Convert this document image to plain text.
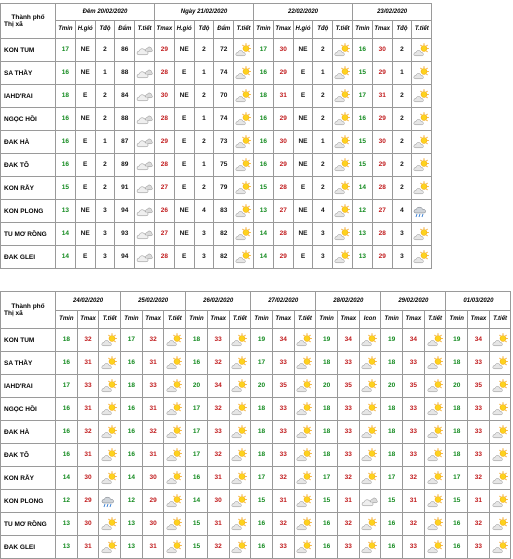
Thành phố
Thị xã	Đêm 20/02/2020					Ngày 21/02/2020					22/02/2020					23/02/2020			
	Tmin	H.gió	Tđộ	Đẩm	T.tiết	Tmax	H.gió	Tđộ	Đẩm	T.tiết	Tmin	Tmax	H.gió	Tđộ	T.tiết	Tmin	Tmax	Tđộ	T.tiết
KON TUM	17	NE	2	86		29	NE	2	72		17	30	NE	2		16	30	2	

SA THẦY	16	NE	1	88		28	E	1	74		16	29	E	1		15	29	1	

IAHD'RAI	18	E	2	84		30	NE	2	70		18	31	E	2		17	31	2	

NGỌC HỒI	16	NE	2	88		28	E	1	74		16	29	NE	2		16	29	2	

ĐAK HÀ	16	E	1	87		29	E	2	73		16	30	NE	1		15	30	2	

ĐAK TÔ	16	E	2	89		28	E	1	75		16	29	NE	2		15	29	2	

KON RẪY	15	E	2	91		27	E	2	79		15	28	E	2		14	28	2	

KON PLONG	13	NE	3	94		26	NE	4	83		13	27	NE	4		12	27	4	

TU MƠ RỒNG	14	NE	3	93		27	NE	3	82		14	28	NE	3		13	28	3	

ĐAK GLEI	14	E	3	94		28	E	3	82		14	29	E	3		13	29	3	
Thành phố
Thị xã	24/02/2020			25/02/2020			26/02/2020			27/02/2020			28/02/2020			29/02/2020			01/03/2020		
	Tmin	Tmax	T.tiết	Tmin	Tmax	T.tiết	Tmin	Tmax	T.tiết	Tmin	Tmax	T.tiết	Tmin	Tmax	Icon	Tmin	Tmax	T.tiết	Tmin	Tmax	T.tiết
KON TUM	18	32		17	32		18	33		19	34		19	34		19	34		19	34	

SA THẦY	16	31		16	31		16	32		17	33		18	33		18	33		18	33	

IAHD'RAI	17	33		18	33		20	34		20	35		20	35		20	35		20	35	

NGỌC HỒI	16	31		16	31		17	32		18	33		18	33		18	33		18	33	

ĐAK HÀ	16	32		16	32		17	33		18	33		18	33		18	33		18	33	

ĐAK TÔ	16	31		16	31		17	32		18	33		18	33		18	33		18	33	

KON RẪY	14	30		14	30		16	31		17	32		17	32		17	32		17	32	

KON PLONG	12	29		12	29		14	30		15	31		15	31		15	31		15	31	

TU MƠ RỒNG	13	30		13	30		15	31		16	32		16	32		16	32		16	32	

ĐAK GLEI	13	31		13	31		15	32		16	33		16	33		16	33		16	33	
